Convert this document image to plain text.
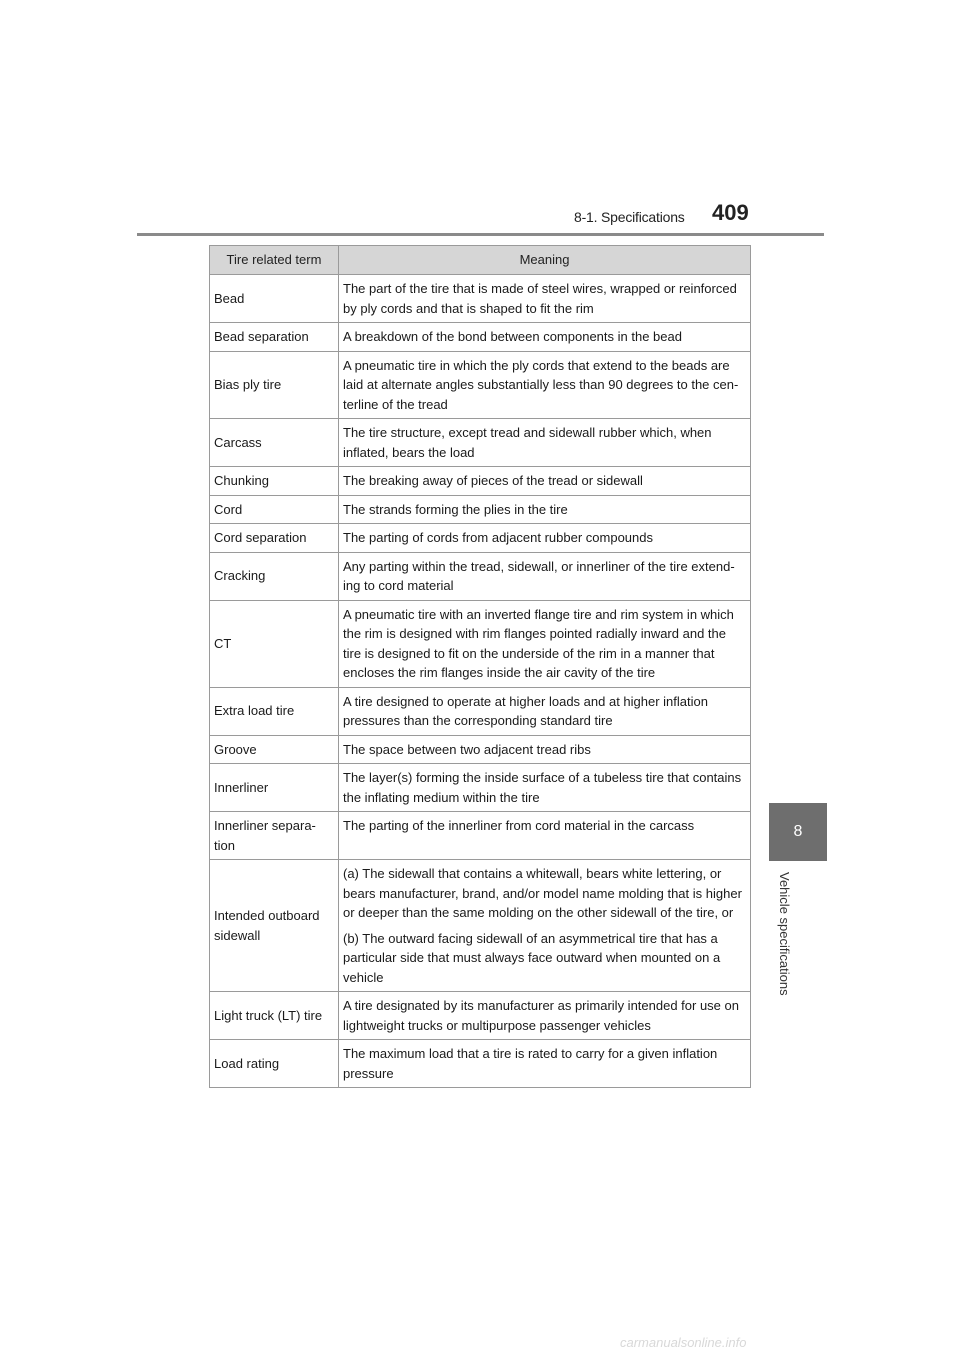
8-1. Specifications 409
8
Vehicle specifications
Tire related term	Meaning
Bead	The part of the tire that is made of steel wires, wrapped or reinforced by ply cords and that is shaped to fit the rim

Bead separation	A breakdown of the bond between components in the bead

Bias ply tire	A pneumatic tire in which the ply cords that extend to the beads are laid at alternate angles substantially less than 90 degrees to the cen-terline of the tread

Carcass	The tire structure, except tread and sidewall rubber which, when inflated, bears the load

Chunking	The breaking away of pieces of the tread or sidewall

Cord	The strands forming the plies in the tire

Cord separation	The parting of cords from adjacent rubber compounds

Cracking	Any parting within the tread, sidewall, or innerliner of the tire extend-ing to cord material

CT	A pneumatic tire with an inverted flange tire and rim system in which the rim is designed with rim flanges pointed radially inward and the tire is designed to fit on the underside of the rim in a manner that encloses the rim flanges inside the air cavity of the tire

Extra load tire	A tire designed to operate at higher loads and at higher inflation pressures than the corresponding standard tire

Groove	The space between two adjacent tread ribs

Innerliner	The layer(s) forming the inside surface of a tubeless tire that contains the inflating medium within the tire

Innerliner separa-tion	The parting of the innerliner from cord material in the carcass

Intended outboard sidewall	(a) The sidewall that contains a whitewall, bears white lettering, or bears manufacturer, brand, and/or model name molding that is higher or deeper than the same molding on the other sidewall of the tire, or

(b) The outward facing sidewall of an asymmetrical tire that has a particular side that must always face outward when mounted on a vehicle

Light truck (LT) tire	A tire designated by its manufacturer as primarily intended for use on lightweight trucks or multipurpose passenger vehicles

Load rating	The maximum load that a tire is rated to carry for a given inflation pressure

carmanualsonline.info
